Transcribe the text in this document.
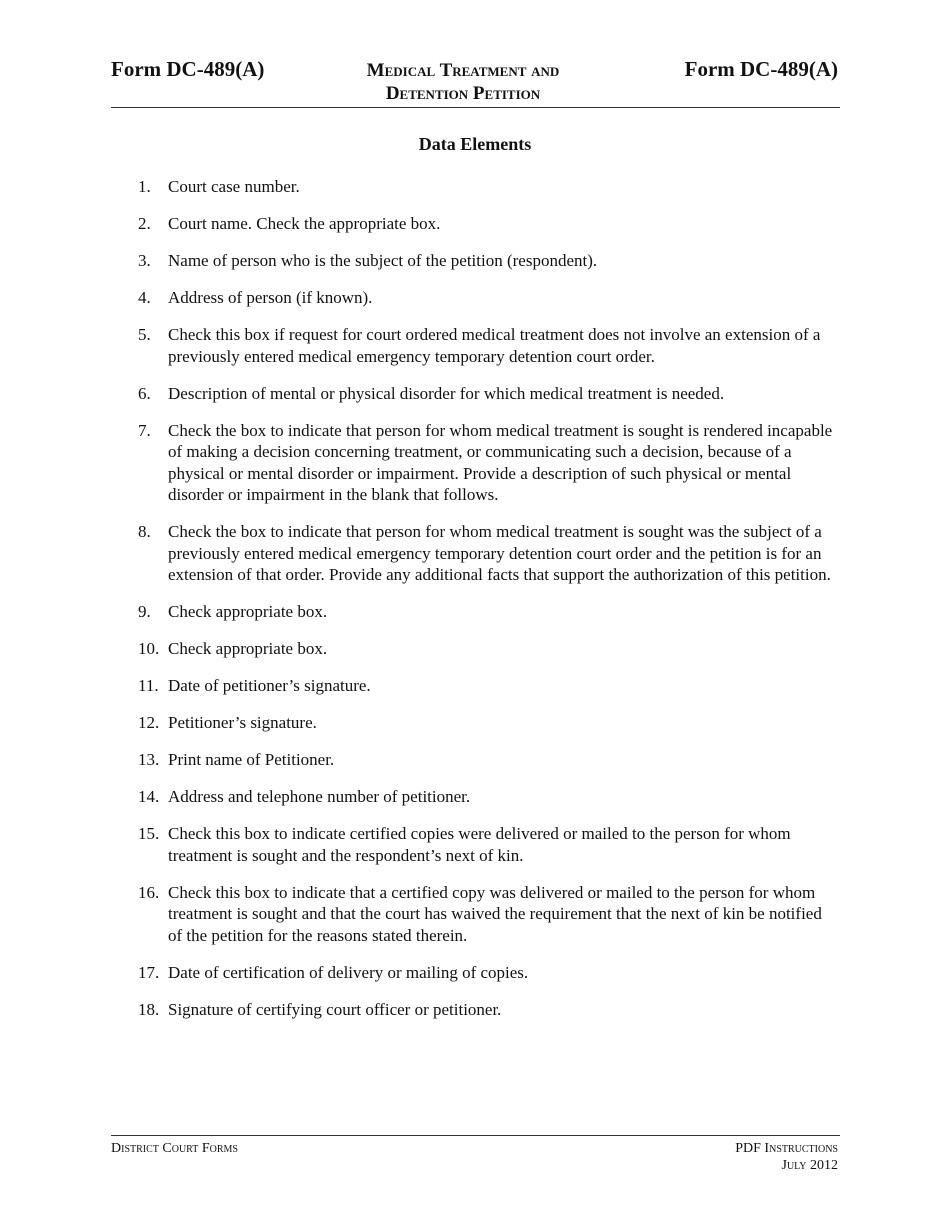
Form DC-489(A)	Medical Treatment and
Detention Petition
Form DC-489(A)
Data Elements
1.	Court case number.
2.	Court name. Check the appropriate box.
3.	Name of person who is the subject of the petition (respondent).
4.	Address of person (if known).
5.	Check this box if request for court ordered medical treatment does not involve an extension of a previously entered medical emergency temporary detention court order.
6.	Description of mental or physical disorder for which medical treatment is needed.
7.	Check the box to indicate that person for whom medical treatment is sought is rendered incapable of making a decision concerning treatment, or communicating such a decision, because of a physical or mental disorder or impairment. Provide a description of such physical or mental disorder or impairment in the blank that follows.
8.	Check the box to indicate that person for whom medical treatment is sought was the subject of a previously entered medical emergency temporary detention court order and the petition is for an extension of that order. Provide any additional facts that support the authorization of this petition.
9.	Check appropriate box.
10. Check appropriate box.
11. Date of petitioner’s signature.
12. Petitioner’s signature.
13. Print name of Petitioner.
14. Address and telephone number of petitioner.
15. Check this box to indicate certified copies were delivered or mailed to the person for whom treatment is sought and the respondent’s next of kin.
16. Check this box to indicate that a certified copy was delivered or mailed to the person for whom treatment is sought and that the court has waived the requirement that the next of kin be notified of the petition for the reasons stated therein.
17. Date of certification of delivery or mailing of copies.
18. Signature of certifying court officer or petitioner.
District Court Forms	PDF Instructions
July 2012
